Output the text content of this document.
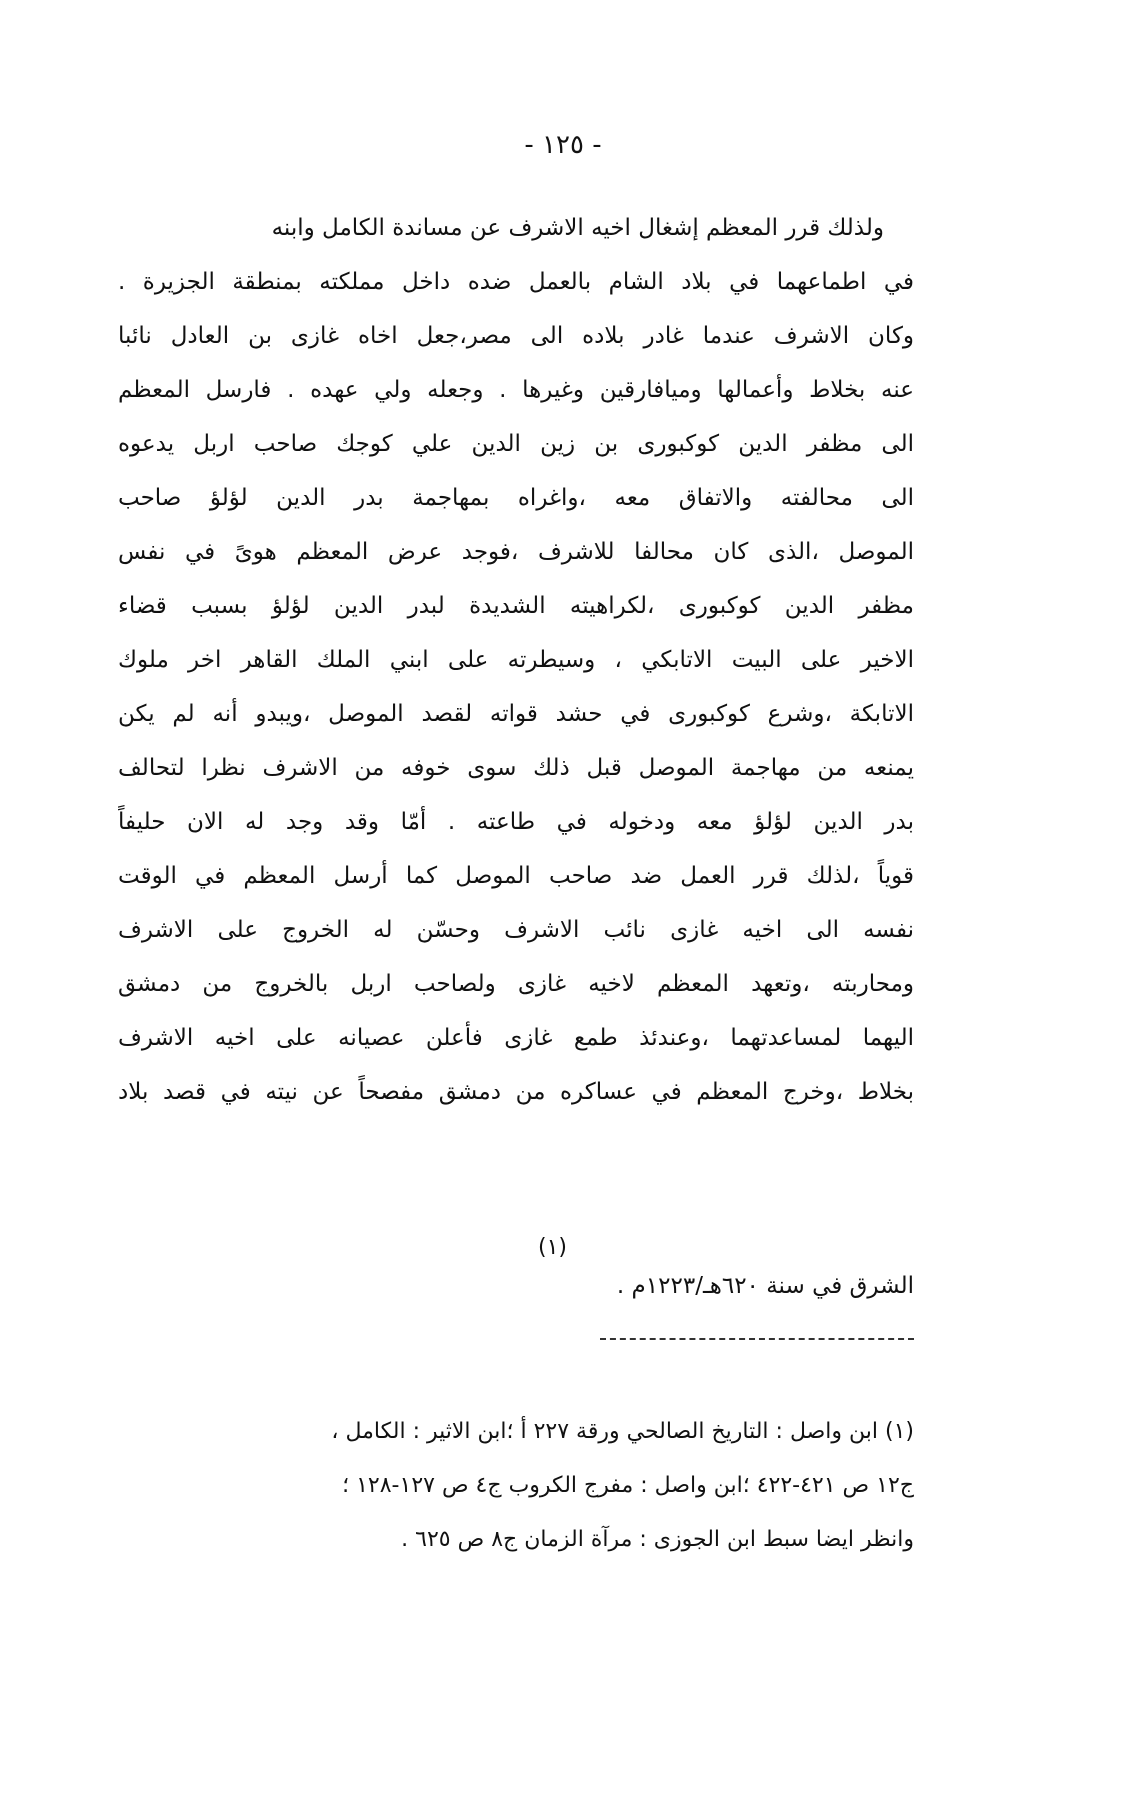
- ١٢٥ -
ولذلك قرر المعظم إشغال اخيه الاشرف عن مساندة الكامل وابنه
في اطماعهما في بلاد الشام بالعمل ضده داخل مملكته بمنطقة الجزيرة .
وكان الاشرف عندما غادر بلاده الى مصر،جعل اخاه غازى بن العادل نائبا
عنه بخلاط وأعمالها وميافارقين وغيرها . وجعله ولي عهده . فارسل المعظم
الى مظفر الدين كوكبورى بن زين الدين علي كوجك صاحب اربل يدعوه
الى محالفته والاتفاق معه ،واغراه بمهاجمة بدر الدين لؤلؤ صاحب
الموصل ،الذى كان محالفا للاشرف ،فوجد عرض المعظم هوىً في نفس
مظفر الدين كوكبورى ،لكراهيته الشديدة لبدر الدين لؤلؤ بسبب قضاء
الاخير على البيت الاتابكي ، وسيطرته على ابني الملك القاهر اخر ملوك
الاتابكة ،وشرع كوكبورى في حشد قواته لقصد الموصل ،ويبدو أنه لم يكن
يمنعه من مهاجمة الموصل قبل ذلك سوى خوفه من الاشرف نظرا لتحالف
بدر الدين لؤلؤ معه ودخوله في طاعته . أمّا وقد وجد له الان حليفاً
قوياً ،لذلك قرر العمل ضد صاحب الموصل كما أرسل المعظم في الوقت
نفسه الى اخيه غازى نائب الاشرف وحسّن له الخروج على الاشرف
ومحاربته ،وتعهد المعظم لاخيه غازى ولصاحب اربل بالخروج من دمشق
اليهما لمساعدتهما ،وعندئذ طمع غازى فأعلن عصيانه على اخيه الاشرف
بخلاط ،وخرج المعظم في عساكره من دمشق مفصحاً عن نيته في قصد بلاد
الشرق في سنة ٦٢٠هـ/١٢٢٣م .
(١)
(١) ابن واصل : التاريخ الصالحي ورقة ٢٢٧ أ ؛ابن الاثير : الكامل ،
ج١٢ ص ٤٢١-٤٢٢ ؛ابن واصل : مفرج الكروب ج٤ ص ١٢٧-١٢٨ ؛
وانظر ايضا سبط ابن الجوزى : مرآة الزمان ج٨ ص ٦٢٥ .
